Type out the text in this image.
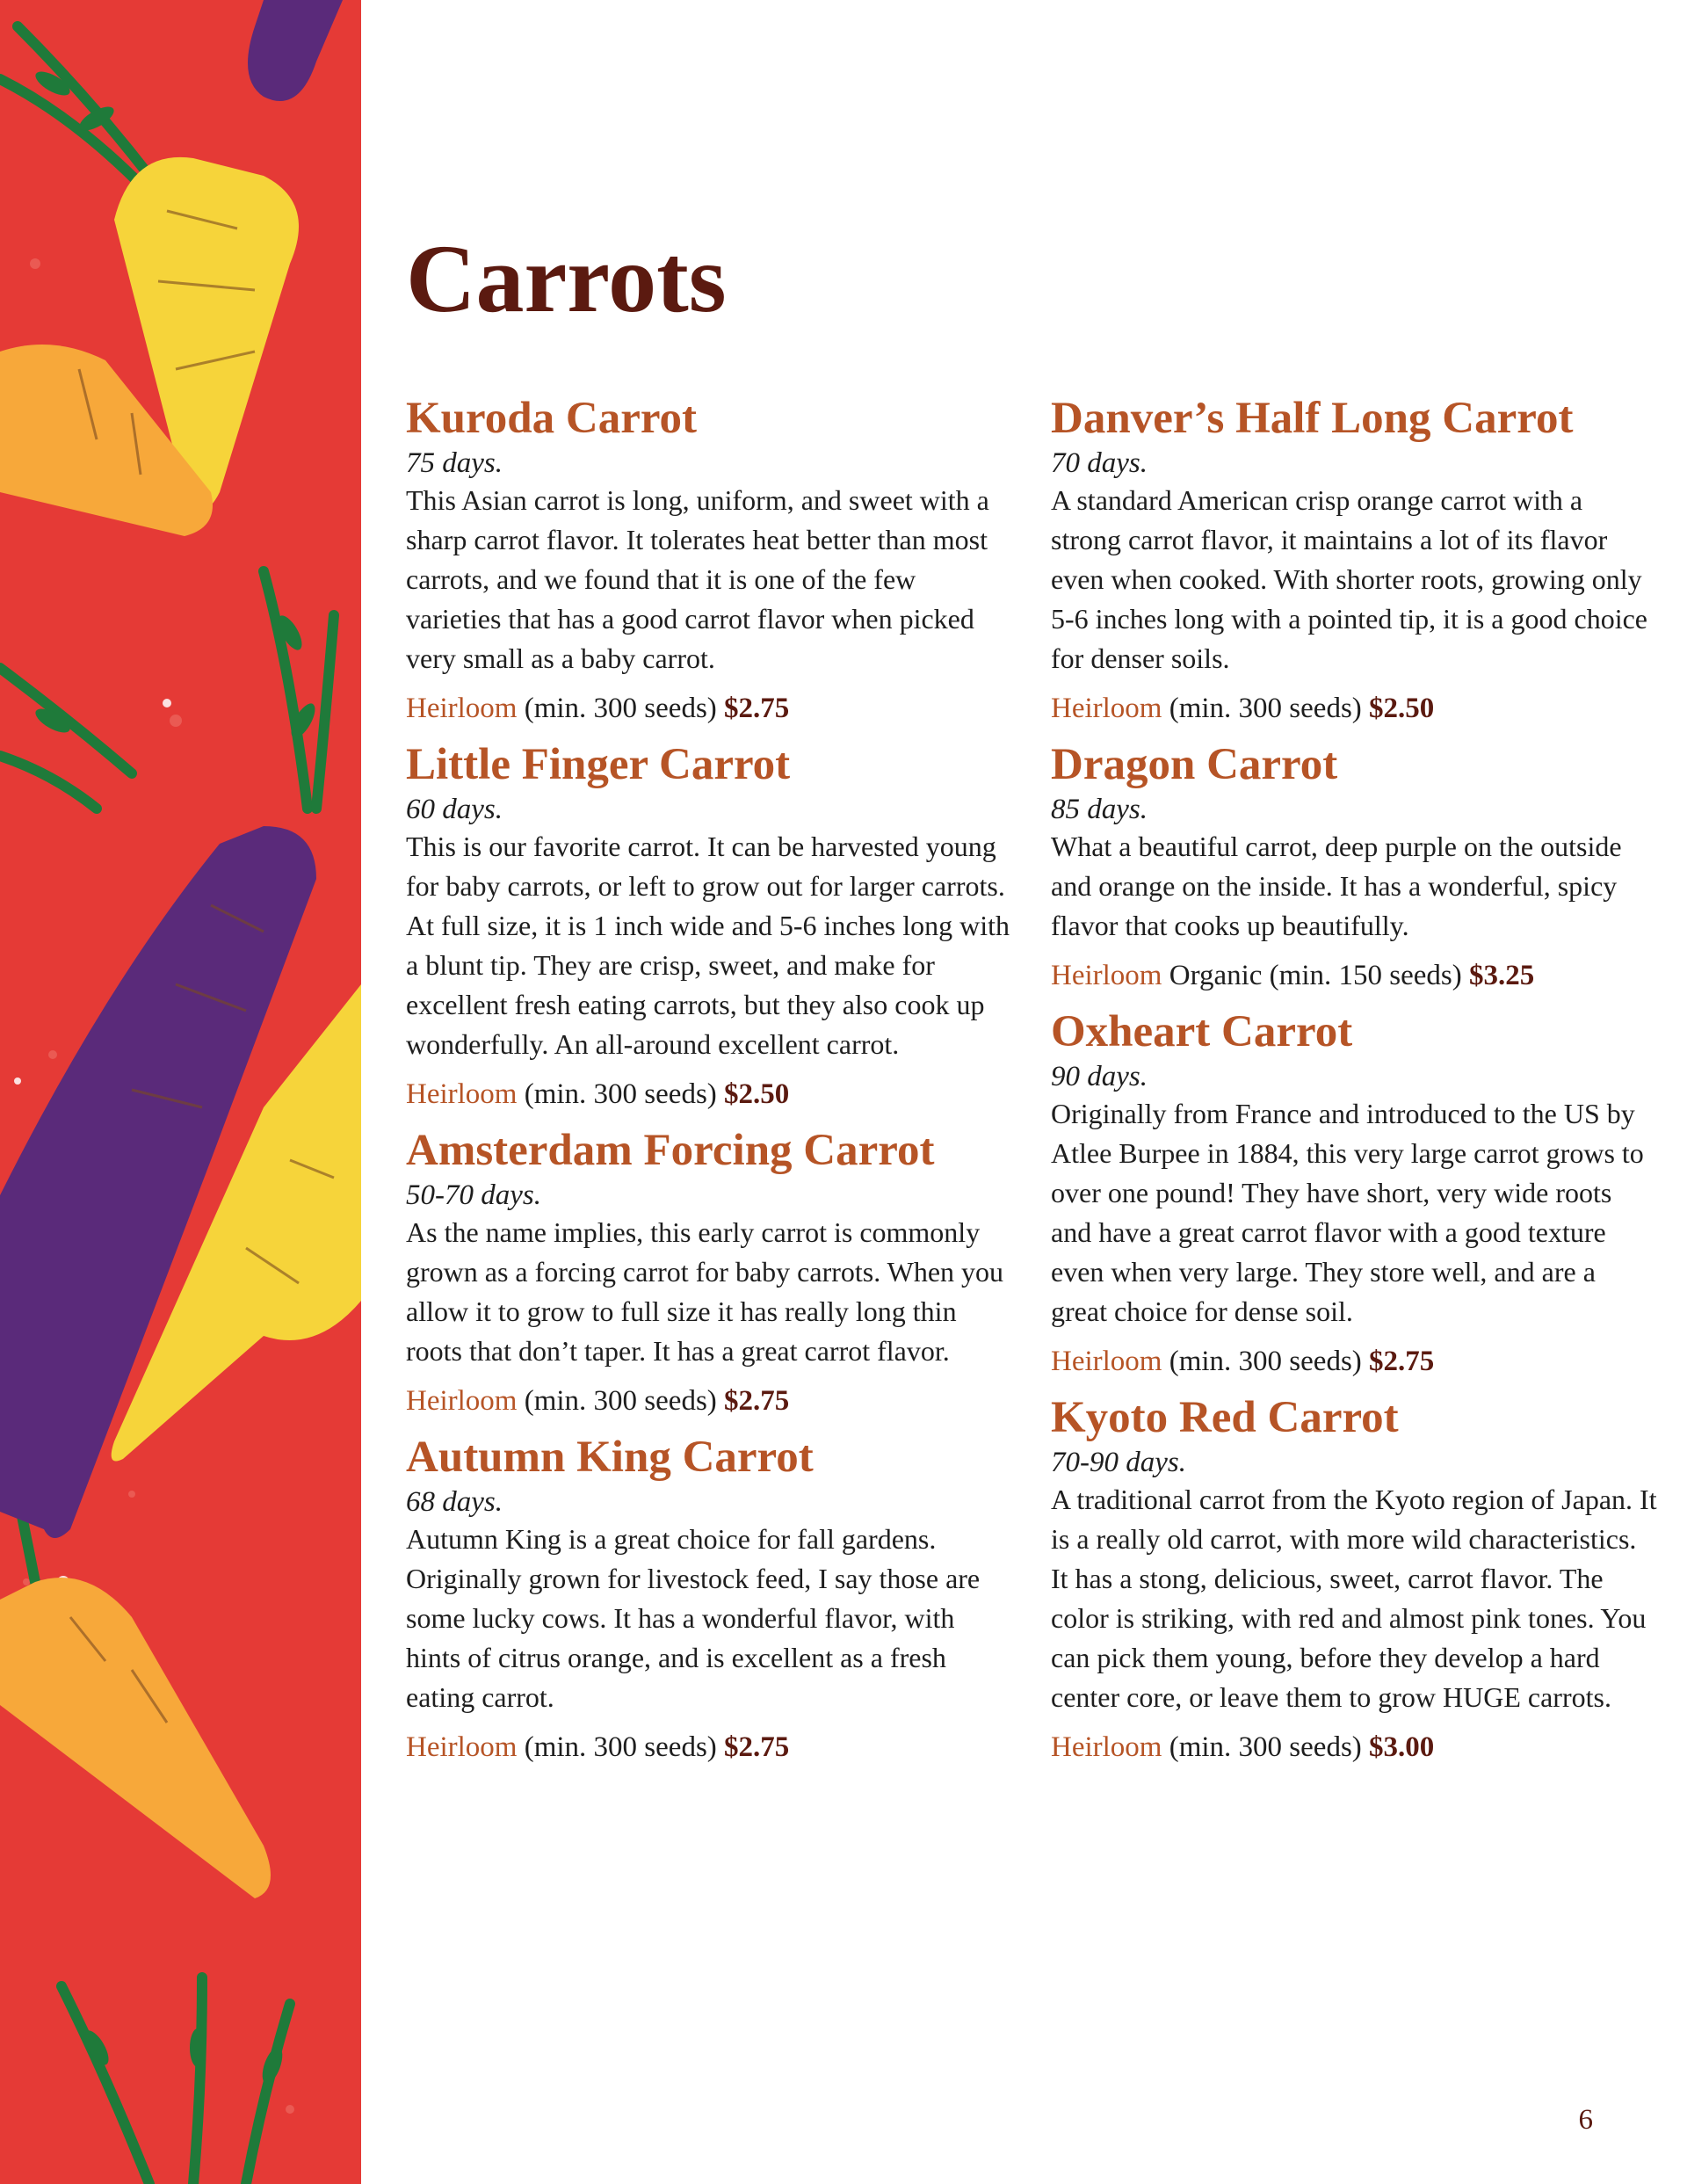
Carrots
Kuroda Carrot
75 days.

This Asian carrot is long, uniform, and sweet with a sharp carrot flavor. It tolerates heat better than most carrots, and we found that it is one of the few varieties that has a good carrot flavor when picked very small as a baby carrot.

Heirloom (min. 300 seeds) $2.75
Little Finger Carrot
60 days.

This is our favorite carrot. It can be harvested young for baby carrots, or left to grow out for larger carrots. At full size, it is 1 inch wide and 5-6 inches long with a blunt tip. They are crisp, sweet, and make for excellent fresh eating carrots, but they also cook up wonderfully. An all-around excellent carrot.

Heirloom (min. 300 seeds) $2.50
Amsterdam Forcing Carrot
50-70 days.

As the name implies, this early carrot is commonly grown as a forcing carrot for baby carrots. When you allow it to grow to full size it has really long thin roots that don’t taper. It has a great carrot flavor.

Heirloom (min. 300 seeds) $2.75
Autumn King Carrot
68 days.

Autumn King is a great choice for fall gardens. Originally grown for livestock feed, I say those are some lucky cows. It has a wonderful flavor, with hints of citrus orange, and is excellent as a fresh eating carrot.

Heirloom (min. 300 seeds) $2.75
Danver’s Half Long Carrot
70 days.

A standard American crisp orange carrot with a strong carrot flavor, it maintains a lot of its flavor even when cooked. With shorter roots, growing only 5-6 inches long with a pointed tip, it is a good choice for denser soils.

Heirloom (min. 300 seeds) $2.50
Dragon Carrot
85 days.

What a beautiful carrot, deep purple on the outside and orange on the inside. It has a wonderful, spicy flavor that cooks up beautifully.

Heirloom Organic (min. 150 seeds) $3.25
Oxheart Carrot
90 days.

Originally from France and introduced to the US by Atlee Burpee in 1884, this very large carrot grows to over one pound! They have short, very wide roots and have a great carrot flavor with a good texture even when very large. They store well, and are a great choice for dense soil.

Heirloom (min. 300 seeds) $2.75
Kyoto Red Carrot
70-90 days.

A traditional carrot from the Kyoto region of Japan. It is a really old carrot, with more wild characteristics. It has a stong, delicious, sweet, carrot flavor. The color is striking, with red and almost pink tones. You can pick them young, before they develop a hard center core, or leave them to grow HUGE carrots.

Heirloom (min. 300 seeds) $3.00
6
